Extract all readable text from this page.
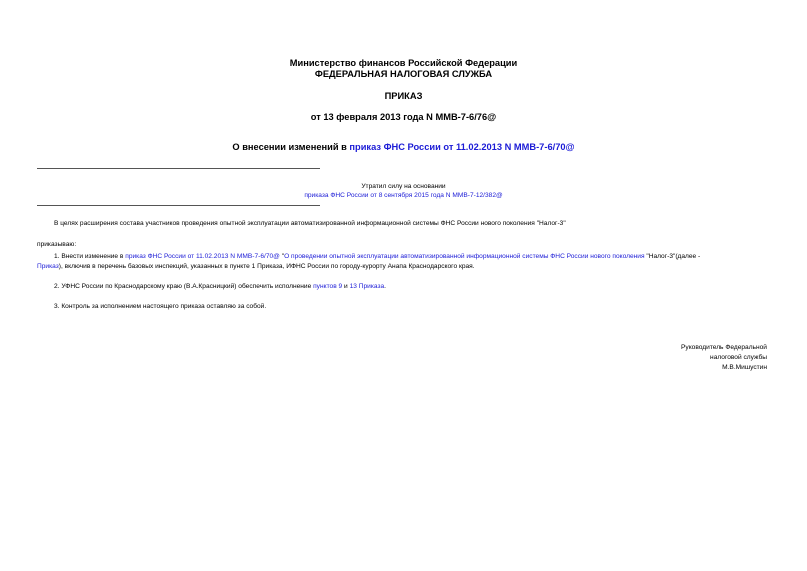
Министерство финансов Российской Федерации
ФЕДЕРАЛЬНАЯ НАЛОГОВАЯ СЛУЖБА
ПРИКАЗ
от 13 февраля 2013 года N ММВ-7-6/76@
О внесении изменений в приказ ФНС России от 11.02.2013 N ММВ-7-6/70@
Утратил силу на основании
приказа ФНС России от 8 сентября 2015 года N ММВ-7-12/382@
В целях расширения состава участников проведения опытной эксплуатации автоматизированной информационной системы ФНС России нового поколения "Налог-3"
приказываю:
1. Внести изменение в приказ ФНС России от 11.02.2013 N ММВ-7-6/70@ "О проведении опытной эксплуатации автоматизированной информационной системы ФНС России нового поколения "Налог-3"(далее -
Приказ), включив в перечень базовых инспекций, указанных в пункте 1 Приказа, ИФНС России по городу-курорту Анапа Краснодарского края.
2. УФНС России по Краснодарскому краю (В.А.Красницкий) обеспечить исполнение пунктов 9 и 13 Приказа.
3. Контроль за исполнением настоящего приказа оставляю за собой.
Руководитель Федеральной
налоговой службы
М.В.Мишустин
